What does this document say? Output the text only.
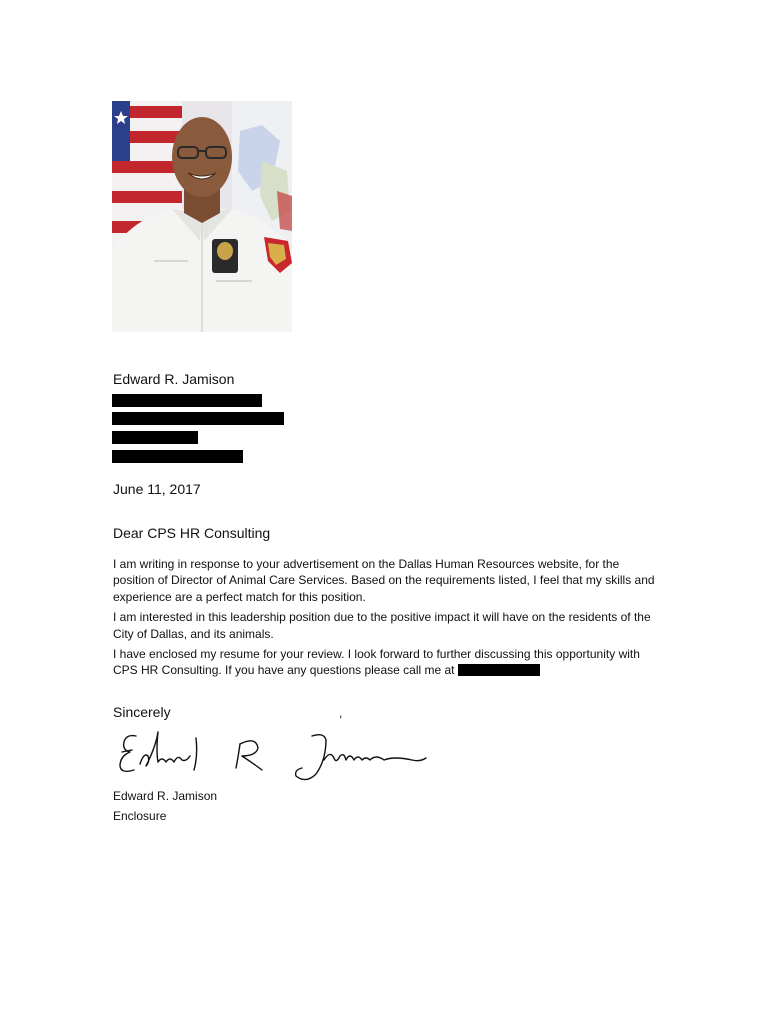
Edward R. Jamison
June 11, 2017
Dear CPS HR Consulting

I am writing in response to your advertisement on the Dallas Human Resources website, for the position of Director of Animal Care Services. Based on the requirements listed, I feel that my skills and experience are a perfect match for this position.

I am interested in this leadership position due to the positive impact it will have on the residents of the City of Dallas, and its animals.

I have enclosed my resume for your review. I look forward to further discussing this opportunity with CPS HR Consulting. If you have any questions please call me at

Sincerely	,
Edward R. Jamison
Enclosure
